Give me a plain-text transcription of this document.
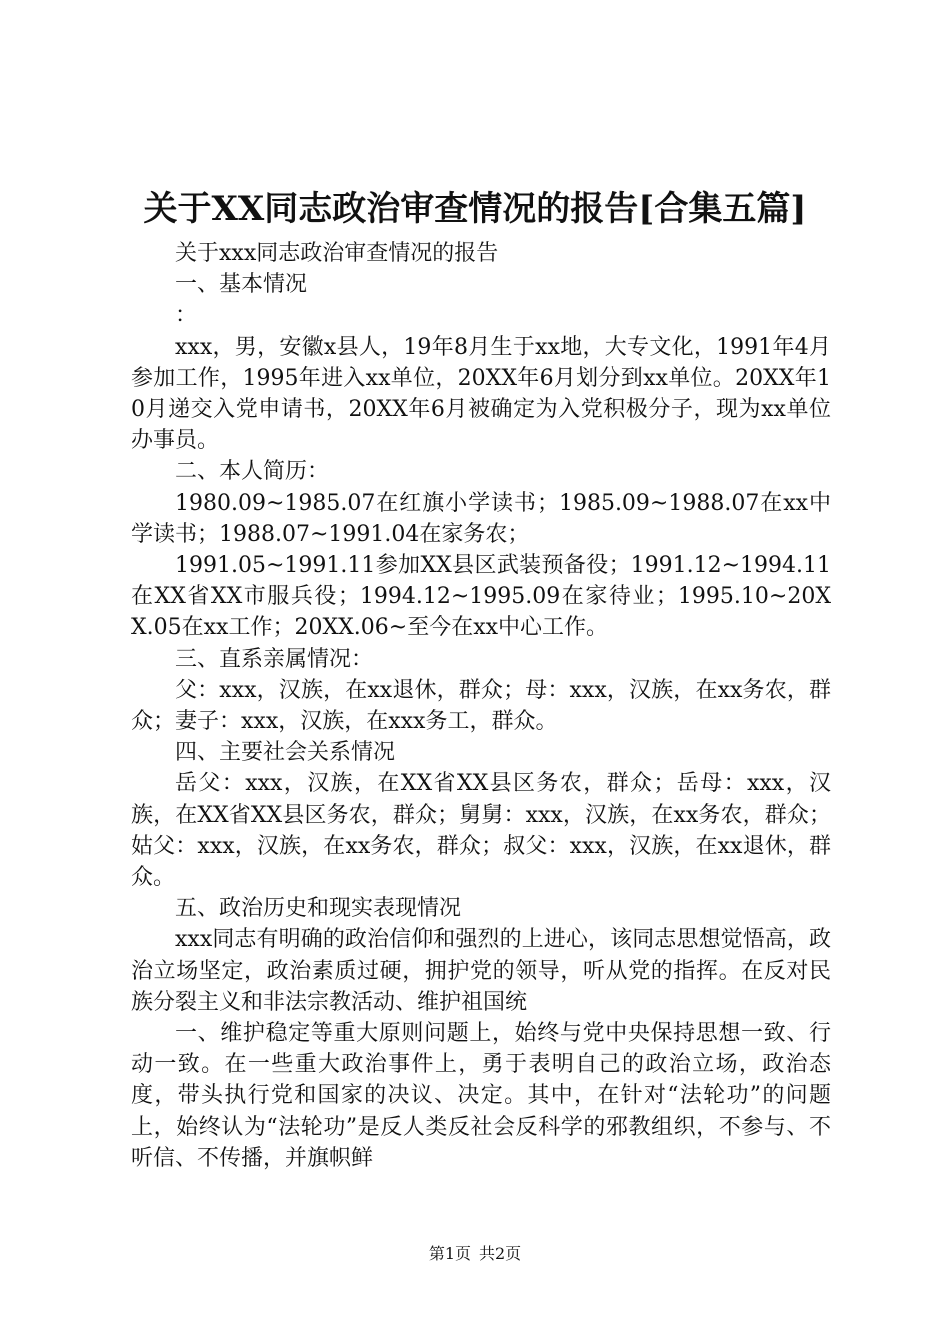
关于XX同志政治审查情况的报告[合集五篇]

关于xxx同志政治审查情况的报告

一、基本情况

：

xxx，男，安徽x县人，19年8月生于xx地，大专文化，1991年4月参加工作，1995年进入xx单位，20XX年6月划分到xx单位。20XX年10月递交入党申请书，20XX年6月被确定为入党积极分子，现为xx单位办事员。

二、本人简历：

1980.09~1985.07在红旗小学读书；1985.09~1988.07在xx中学读书；1988.07~1991.04在家务农；

1991.05~1991.11参加XX县区武装预备役；1991.12~1994.11在XX省XX市服兵役；1994.12~1995.09在家待业；1995.10~20XX.05在xx工作；20XX.06~至今在xx中心工作。

三、直系亲属情况：

父：xxx，汉族，在xx退休，群众；母：xxx，汉族，在xx务农，群众；妻子：xxx，汉族，在xxx务工，群众。

四、主要社会关系情况

岳父：xxx，汉族，在XX省XX县区务农，群众；岳母：xxx，汉族，在XX省XX县区务农，群众；舅舅：xxx，汉族，在xx务农，群众；姑父：xxx，汉族，在xx务农，群众；叔父：xxx，汉族，在xx退休，群众。

五、政治历史和现实表现情况

xxx同志有明确的政治信仰和强烈的上进心，该同志思想觉悟高，政治立场坚定，政治素质过硬，拥护党的领导，听从党的指挥。在反对民族分裂主义和非法宗教活动、维护祖国统

一、维护稳定等重大原则问题上，始终与党中央保持思想一致、行动一致。在一些重大政治事件上，勇于表明自己的政治立场，政治态度，带头执行党和国家的决议、决定。其中，在针对“法轮功”的问题上，始终认为“法轮功”是反人类反社会反科学的邪教组织，不参与、不听信、不传播，并旗帜鲜

第1页 共2页
